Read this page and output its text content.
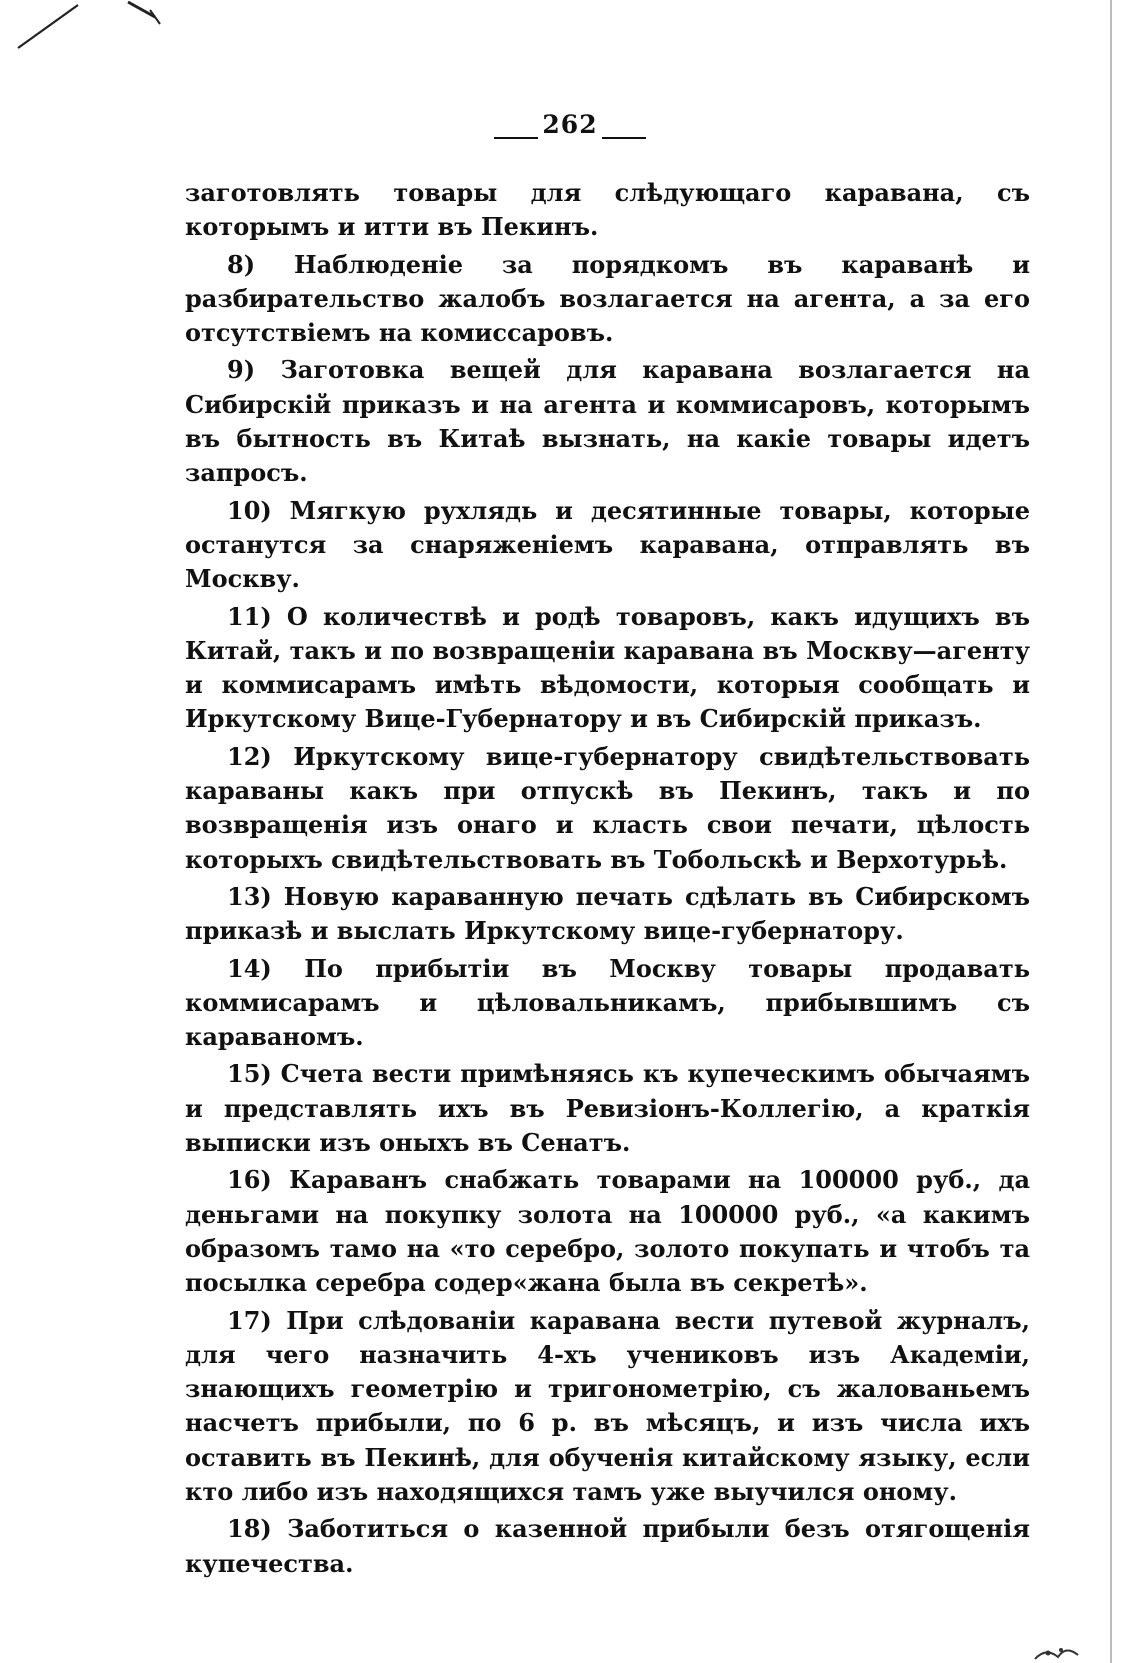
262

заготовлять товары для слѣдующаго каравана, съ которымъ и итти въ Пекинъ.

8) Наблюденіе за порядкомъ въ караванѣ и разбирательство жалобъ возлагается на агента, а за его отсутствіемъ на комиссаровъ.

9) Заготовка вещей для каравана возлагается на Сибирскій приказъ и на агента и коммисаровъ, которымъ въ бытность въ Китаѣ вызнать, на какіе товары идетъ запросъ.

10) Мягкую рухлядь и десятинные товары, которые останутся за снаряженіемъ каравана, отправлять въ Москву.

11) О количествѣ и родѣ товаровъ, какъ идущихъ въ Китай, такъ и по возвращеніи каравана въ Москву—агенту и коммисарамъ имѣть вѣдомости, которыя сообщать и Иркутскому Вице-Губернатору и въ Сибирскій приказъ.

12) Иркутскому вице-губернатору свидѣтельствовать караваны какъ при отпускѣ въ Пекинъ, такъ и по возвращенія изъ онаго и класть свои печати, цѣлость которыхъ свидѣтельствовать въ Тобольскѣ и Верхотурьѣ.

13) Новую караванную печать сдѣлать въ Сибирскомъ приказѣ и выслать Иркутскому вице-губернатору.

14) По прибытіи въ Москву товары продавать коммисарамъ и цѣловальникамъ, прибывшимъ съ караваномъ.

15) Счета вести примѣняясь къ купеческимъ обычаямъ и представлять ихъ въ Ревизіонъ-Коллегію, а краткія выписки изъ оныхъ въ Сенатъ.

16) Караванъ снабжать товарами на 100000 руб., да деньгами на покупку золота на 100000 руб., «а какимъ образомъ тамо на «то серебро, золото покупать и чтобъ та посылка серебра содер«жана была въ секретѣ».

17) При слѣдованіи каравана вести путевой журналъ, для чего назначить 4-хъ учениковъ изъ Академіи, знающихъ геометрію и тригонометрію, съ жалованьемъ насчетъ прибыли, по 6 р. въ мѣсяцъ, и изъ числа ихъ оставить въ Пекинѣ, для обученія китайскому языку, если кто либо изъ находящихся тамъ уже выучился оному.

18) Заботиться о казенной прибыли безъ отягощенія купечества.
